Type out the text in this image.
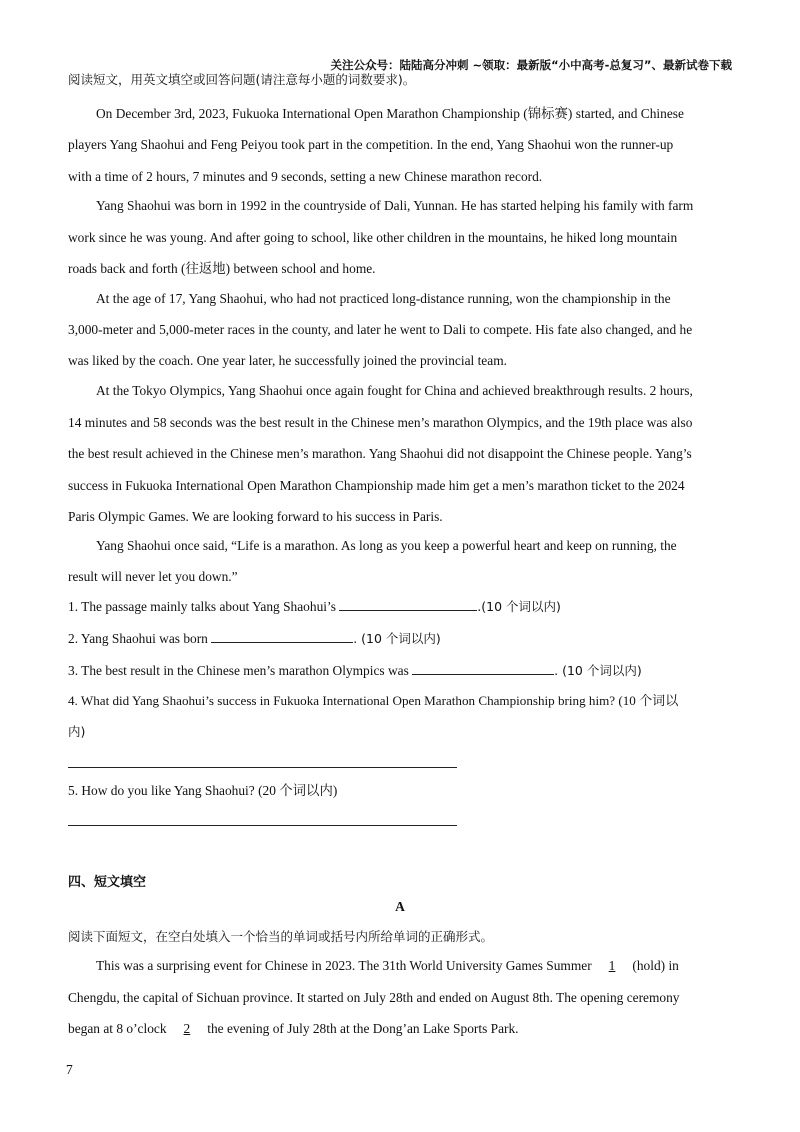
关注公众号：陆陆高分冲刺 ~领取：最新版“小中高考-总复习”、最新试卷下载
阅读短文，用英文填空或回答问题(请注意每小题的词数要求)。
On December 3rd, 2023, Fukuoka International Open Marathon Championship (锦标赛) started, and Chinese
players Yang Shaohui and Feng Peiyou took part in the competition. In the end, Yang Shaohui won the runner-up
with a time of 2 hours, 7 minutes and 9 seconds, setting a new Chinese marathon record.
Yang Shaohui was born in 1992 in the countryside of Dali, Yunnan. He has started helping his family with farm
work since he was young. And after going to school, like other children in the mountains, he hiked long mountain
roads back and forth (往返地) between school and home.
At the age of 17, Yang Shaohui, who had not practiced long-distance running, won the championship in the
3,000-meter and 5,000-meter races in the county, and later he went to Dali to compete. His fate also changed, and he
was liked by the coach. One year later, he successfully joined the provincial team.
At the Tokyo Olympics, Yang Shaohui once again fought for China and achieved breakthrough results. 2 hours,
14 minutes and 58 seconds was the best result in the Chinese men’s marathon Olympics, and the 19th place was also
the best result achieved in the Chinese men’s marathon. Yang Shaohui did not disappoint the Chinese people. Yang’s
success in Fukuoka International Open Marathon Championship made him get a men’s marathon ticket to the 2024
Paris Olympic Games. We are looking forward to his success in Paris.
Yang Shaohui once said, “Life is a marathon. As long as you keep a powerful heart and keep on running, the
result will never let you down.”
1. The passage mainly talks about Yang Shaohui’s	.(10 个词以内)
2. Yang Shaohui was born	. (10 个词以内)
3. The best result in the Chinese men’s marathon Olympics was	. (10 个词以内)
4. What did Yang Shaohui’s success in Fukuoka International Open Marathon Championship bring him? (10 个词以
内)
5. How do you like Yang Shaohui? (20 个词以内)
四、短文填空
A
阅读下面短文，在空白处填入一个恰当的单词或括号内所给单词的正确形式。
This was a surprising event for Chinese in 2023. The 31th World University Games Summer 1 (hold) in
Chengdu, the capital of Sichuan province. It started on July 28th and ended on August 8th. The opening ceremony
began at 8 o’clock 2 the evening of July 28th at the Dong’an Lake Sports Park.
7
